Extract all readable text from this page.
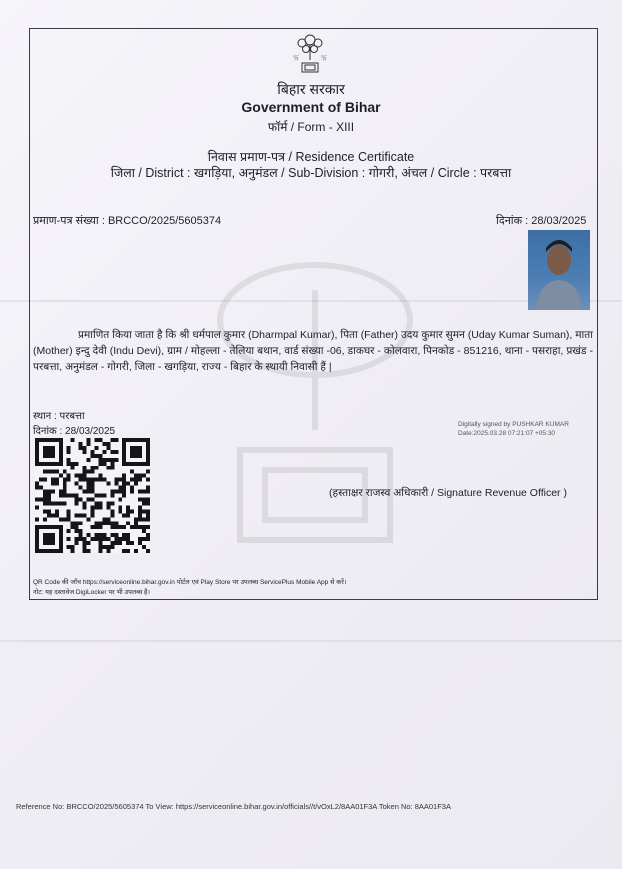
卐	卐
बिहार सरकार
Government of Bihar
फॉर्म / Form - XIII
निवास प्रमाण-पत्र / Residence Certificate
जिला / District : खगड़िया, अनुमंडल / Sub-Division : गोगरी, अंचल / Circle : परबत्ता
प्रमाण-पत्र संख्या : BRCCO/2025/5605374	दिनांक : 28/03/2025
प्रमाणित किया जाता है कि श्री धर्मपाल कुमार (Dharmpal Kumar), पिता (Father) उदय कुमार सुमन (Uday Kumar Suman), माता (Mother) इन्दु देवी (Indu Devi), ग्राम / मोहल्ला - तेलिया बथान, वार्ड संख्या -06, डाकघर - कोलवारा, पिनकोड - 851216, थाना - पसराहा, प्रखंड - परबत्ता, अनुमंडल - गोगरी, जिला - खगड़िया, राज्य - बिहार के स्थायी निवासी हैं |
स्थान : परबत्ता
दिनांक : 28/03/2025
Digitally signed by PUSHKAR KUMAR
Date:2025.03.28 07:21:07 +05:30
(हस्ताक्षर राजस्व अधिकारी / Signature Revenue Officer )
QR Code की जाँच https://serviceonline.bihar.gov.in पोर्टल एवं Play Store पर उपलब्ध ServicePlus Mobile App से करें।
नोट: यह दस्तावेज DigiLocker पर भी उपलब्ध है।
Reference No: BRCCO/2025/5605374 To View: https://serviceonline.bihar.gov.in/officials//t/vOxL2/8AA01F3A Token No: 8AA01F3A
